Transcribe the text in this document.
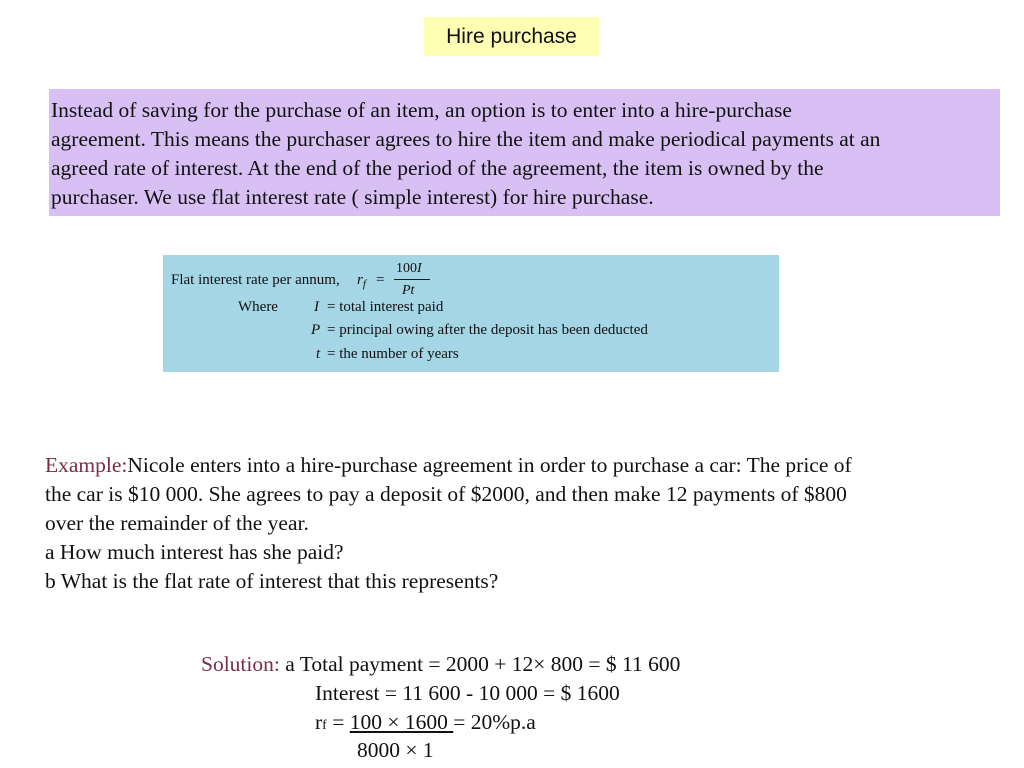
Hire purchase
Instead of saving for the purchase of an item, an option is to enter into a hire-purchase
agreement. This means the purchaser agrees to hire the item and make periodical payments at an
agreed rate of interest. At the end of the period of the agreement, the item is owned by the
purchaser. We use flat interest rate ( simple interest) for hire purchase.
Flat interest rate per annum, $r_f$ =
100I
Pt
Where I = total interest paid
P = principal owing after the deposit has been deducted
t = the number of years
Example:Nicole enters into a hire-purchase agreement in order to purchase a car: The price of
the car is $10 000. She agrees to pay a deposit of $2000, and then make 12 payments of $800
over the remainder of the year.
a How much interest has she paid?
b What is the flat rate of interest that this represents?
Solution: a Total payment = 2000 + 12× 800 = $ 11 600
Interest = 11 600 - 10 000 = $ 1600
rf = 100 × 1600 = 20%p.a
8000 × 1
